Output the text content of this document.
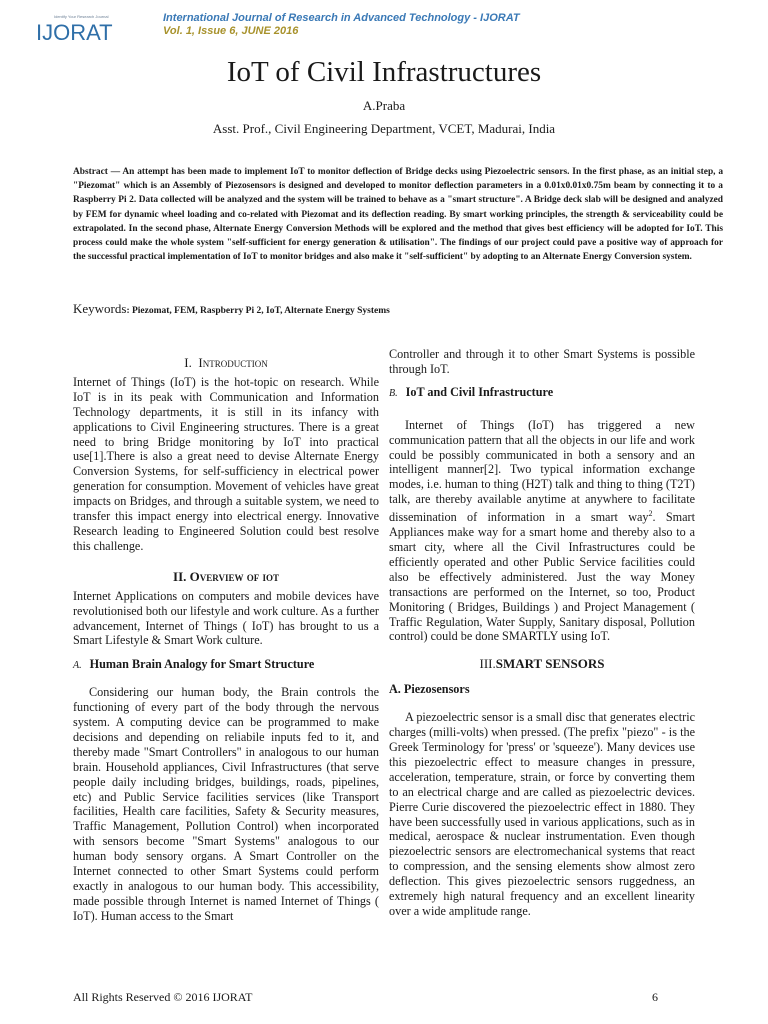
Identify Your Research Journal
IJORAT
International Journal of Research in Advanced Technology - IJORAT
Vol. 1, Issue 6, JUNE 2016
IoT of Civil Infrastructures
A.Praba
Asst. Prof., Civil Engineering Department, VCET, Madurai, India
Abstract ― An attempt has been made to implement IoT to monitor deflection of Bridge decks using Piezoelectric sensors. In the first phase, as an initial step, a "Piezomat" which is an Assembly of Piezosensors is designed and developed to monitor deflection parameters in a 0.01x0.01x0.75m beam by connecting it to a Raspberry Pi 2. Data collected will be analyzed and the system will be trained to behave as a "smart structure". A Bridge deck slab will be designed and analyzed by FEM for dynamic wheel loading and co-related with Piezomat and its deflection reading. By smart working principles, the strength & serviceability could be extrapolated. In the second phase, Alternate Energy Conversion Methods will be explored and the method that gives best efficiency will be adopted for IoT. This process could make the whole system "self-sufficient for energy generation & utilisation". The findings of our project could pave a positive way of approach for the successful practical implementation of IoT to monitor bridges and also make it "self-sufficient" by adopting to an Alternate Energy Conversion system.
Keywords: Piezomat, FEM, Raspberry Pi 2, IoT, Alternate Energy Systems
I. Introduction

Internet of Things (IoT) is the hot-topic on research. While IoT is in its peak with Communication and Information Technology departments, it is still in its infancy with applications to Civil Engineering structures. There is a great need to bring Bridge monitoring by IoT into practical use[1].There is also a great need to devise Alternate Energy Conversion Systems, for self-sufficiency in electrical power generation for consumption. Movement of vehicles have great impacts on Bridges, and through a suitable system, we need to transfer this impact energy into electrical energy. Innovative Research leading to Engineered Solution could best resolve this challenge.

II. Overview of iot

Internet Applications on computers and mobile devices have revolutionised both our lifestyle and work culture. As a further advancement, Internet of Things ( IoT) has brought to us a Smart Lifestyle & Smart Work culture.

A. Human Brain Analogy for Smart Structure

Considering our human body, the Brain controls the functioning of every part of the body through the nervous system. A computing device can be programmed to make decisions and depending on reliabile inputs fed to it, and thereby made "Smart Controllers" in analogous to our human brain. Household appliances, Civil Infrastructures (that serve people daily including bridges, buildings, roads, pipelines, etc) and Public Service facilities services (like Transport facilities, Health care facilities, Safety & Security measures, Traffic Management, Pollution Control) when incorporated with sensors become "Smart Systems" analogous to our human body sensory organs. A Smart Controller on the Internet connected to other Smart Systems could perform exactly in analogous to our human body. This accessibility, made possible through Internet is named Internet of Things ( IoT). Human access to the Smart

Controller and through it to other Smart Systems is possible through IoT.

B. IoT and Civil Infrastructure

Internet of Things (IoT) has triggered a new communication pattern that all the objects in our life and work could be possibly communicated in both a sensory and an intelligent manner[2]. Two typical information exchange modes, i.e. human to thing (H2T) talk and thing to thing (T2T) talk, are thereby available anytime at anywhere to facilitate dissemination of information in a smart way$^2$. Smart Appliances make way for a smart home and thereby also to a smart city, where all the Civil Infrastructures could be efficiently operated and other Public Service facilities could also be effectively administered. Just the way Money transactions are performed on the Internet, so too, Product Monitoring ( Bridges, Buildings ) and Project Management ( Traffic Regulation, Water Supply, Sanitary disposal, Pollution control) could be done SMARTLY using IoT.

III.SMART SENSORS
A. Piezosensors

A piezoelectric sensor is a small disc that generates electric charges (milli-volts) when pressed. (The prefix "piezo" - is the Greek Terminology for 'press' or 'squeeze'). Many devices use this piezoelectric effect to measure changes in pressure, acceleration, temperature, strain, or force by converting them to an electrical charge and are called as piezoelectric devices. Pierre Curie discovered the piezoelectric effect in 1880. They have been successfully used in various applications, such as in medical, aerospace & nuclear instrumentation. Even though piezoelectric sensors are electromechanical systems that react to compression, and the sensing elements show almost zero deflection. This gives piezoelectric sensors ruggedness, an extremely high natural frequency and an excellent linearity over a wide amplitude range.

All Rights Reserved © 2016 IJORAT	6
